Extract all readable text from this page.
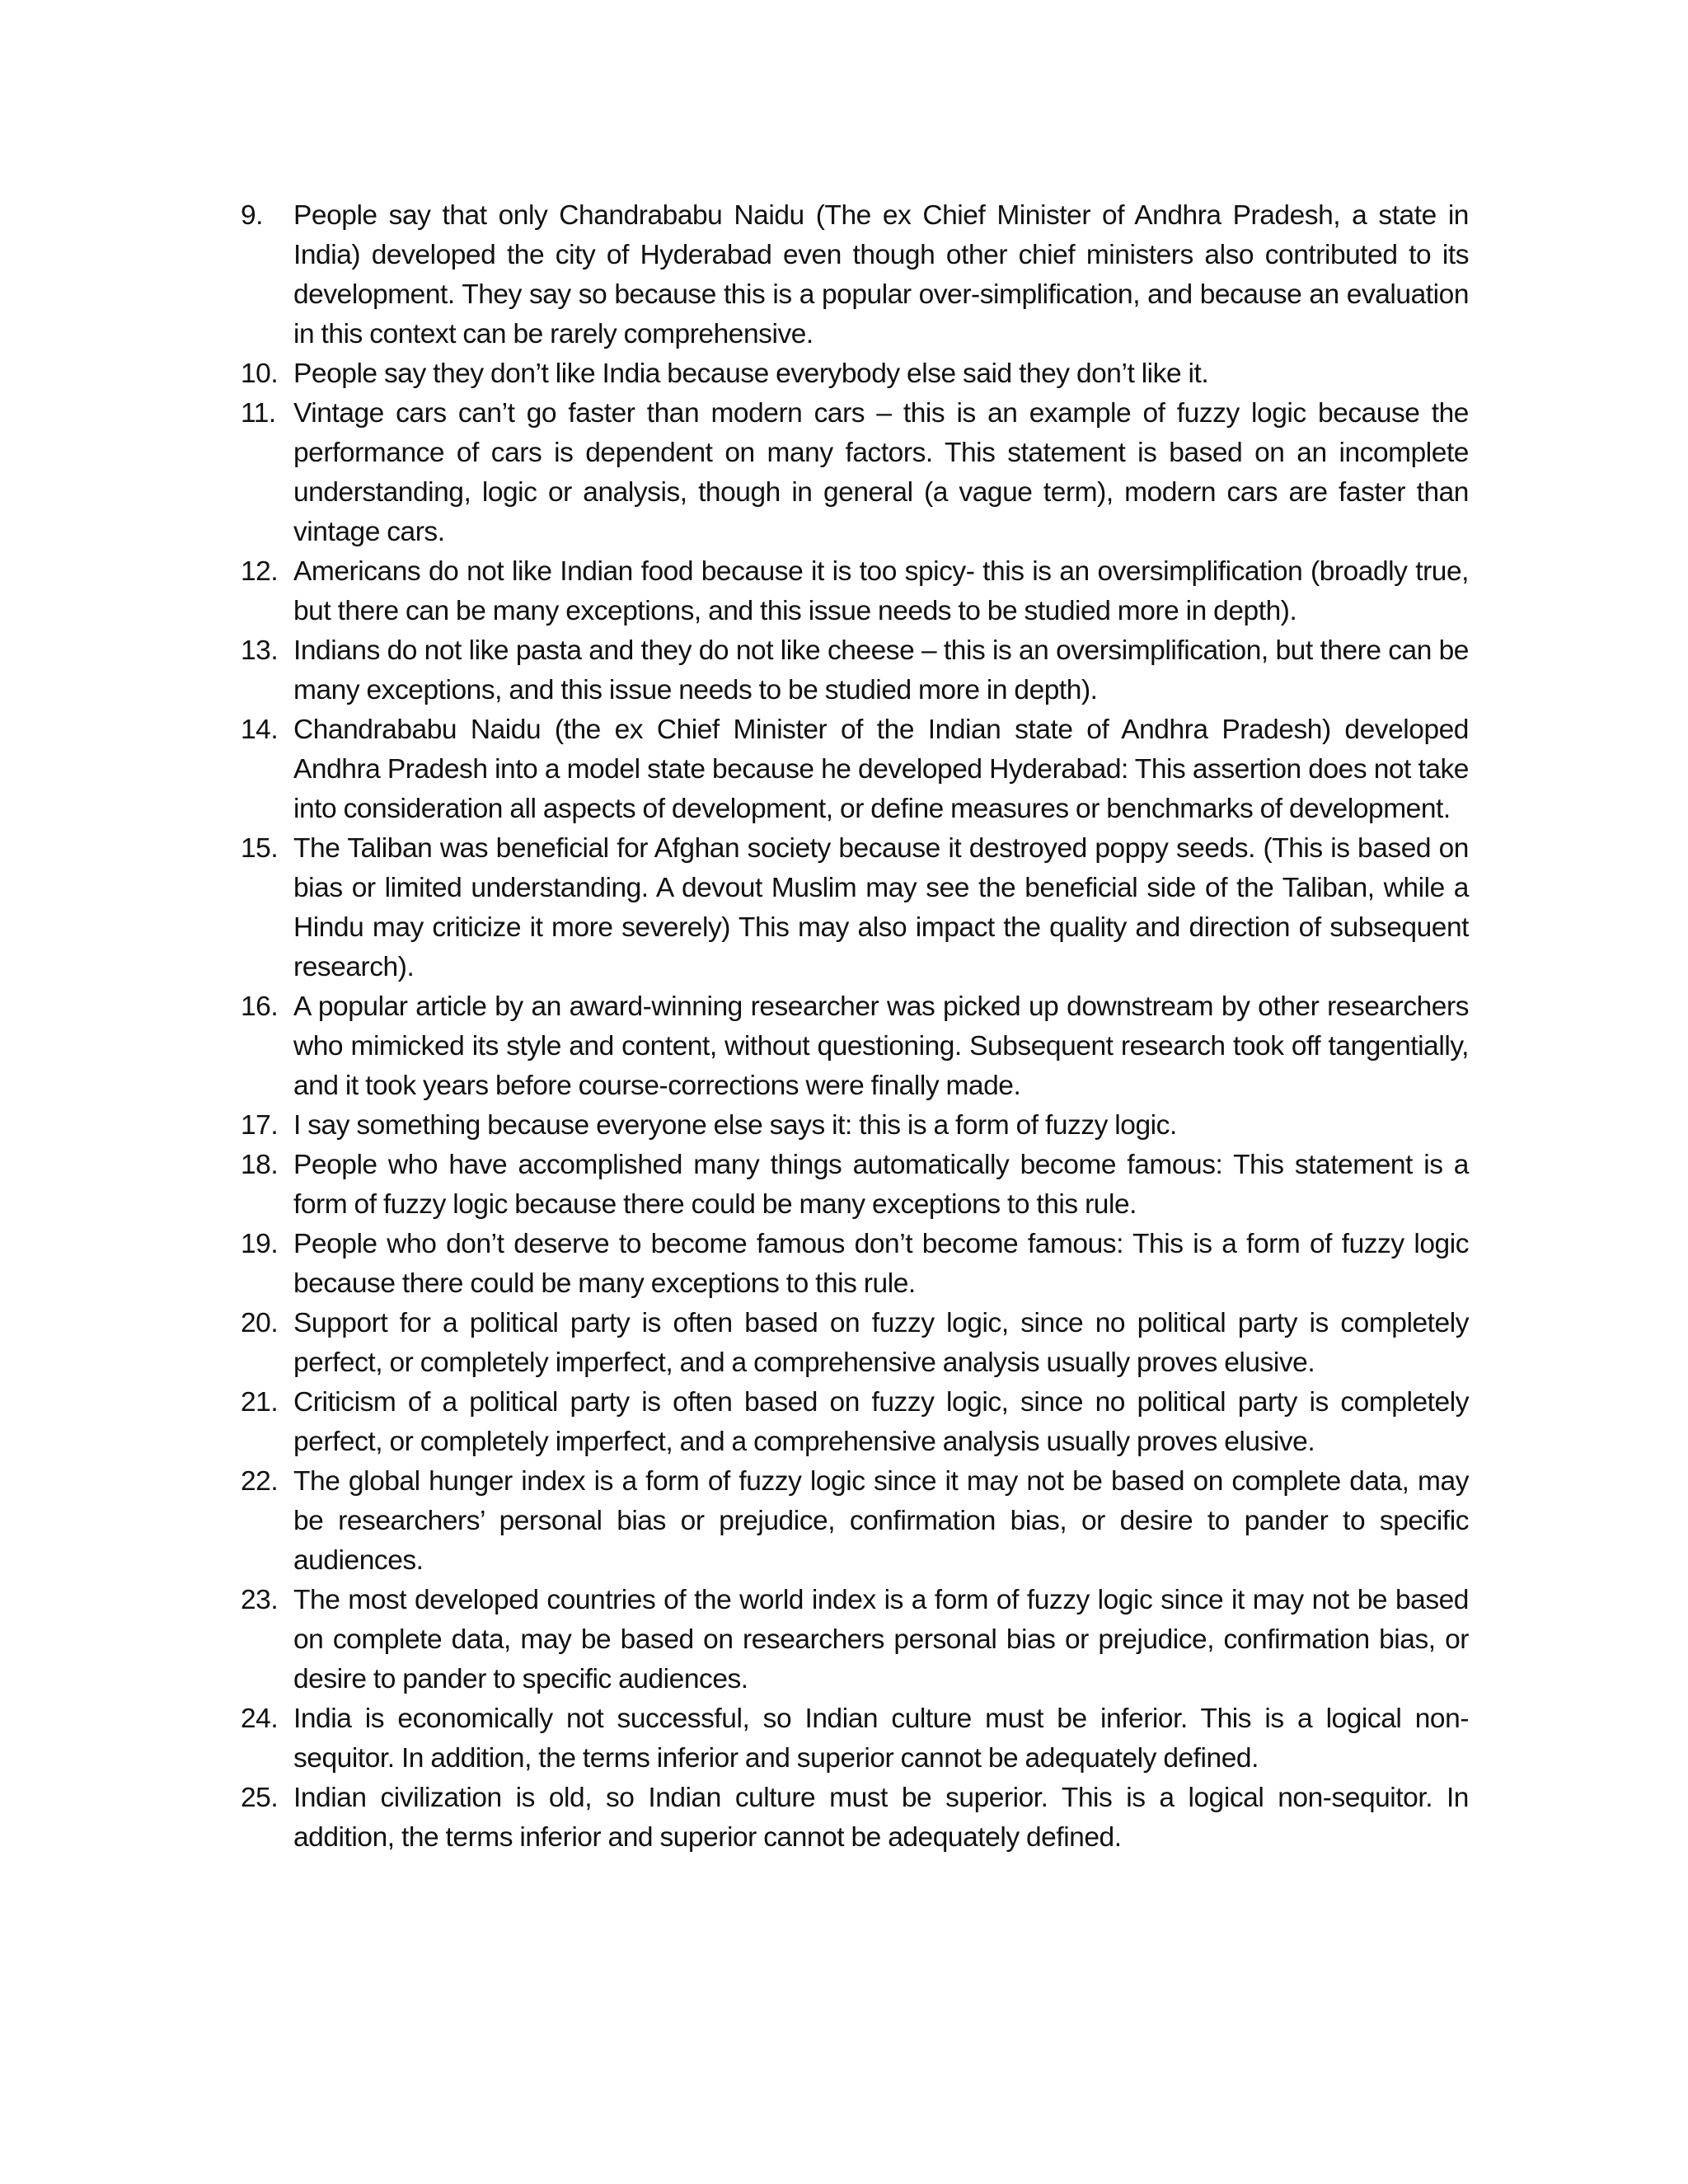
9.	People say that only Chandrababu Naidu (The ex Chief Minister of Andhra Pradesh, a state in India) developed the city of Hyderabad even though other chief ministers also contributed to its development. They say so because this is a popular over-simplification, and because an evaluation in this context can be rarely comprehensive.
10. People say they don’t like India because everybody else said they don’t like it.
11. Vintage cars can’t go faster than modern cars – this is an example of fuzzy logic because the performance of cars is dependent on many factors. This statement is based on an incomplete understanding, logic or analysis, though in general (a vague term), modern cars are faster than vintage cars.
12. Americans do not like Indian food because it is too spicy- this is an oversimplification (broadly true, but there can be many exceptions, and this issue needs to be studied more in depth).
13. Indians do not like pasta and they do not like cheese – this is an oversimplification, but there can be many exceptions, and this issue needs to be studied more in depth).
14. Chandrababu Naidu (the ex Chief Minister of the Indian state of Andhra Pradesh) developed Andhra Pradesh into a model state because he developed Hyderabad: This assertion does not take into consideration all aspects of development, or define measures or benchmarks of development.
15. The Taliban was beneficial for Afghan society because it destroyed poppy seeds. (This is based on bias or limited understanding. A devout Muslim may see the beneficial side of the Taliban, while a Hindu may criticize it more severely) This may also impact the quality and direction of subsequent research).
16. A popular article by an award-winning researcher was picked up downstream by other researchers who mimicked its style and content, without questioning. Subsequent research took off tangentially, and it took years before course-corrections were finally made.
17. I say something because everyone else says it: this is a form of fuzzy logic.
18. People who have accomplished many things automatically become famous: This statement is a form of fuzzy logic because there could be many exceptions to this rule.
19. People who don’t deserve to become famous don’t become famous: This is a form of fuzzy logic because there could be many exceptions to this rule.
20. Support for a political party is often based on fuzzy logic, since no political party is completely perfect, or completely imperfect, and a comprehensive analysis usually proves elusive.
21. Criticism of a political party is often based on fuzzy logic, since no political party is completely perfect, or completely imperfect, and a comprehensive analysis usually proves elusive.
22. The global hunger index is a form of fuzzy logic since it may not be based on complete data, may be researchers’ personal bias or prejudice, confirmation bias, or desire to pander to specific audiences.
23. The most developed countries of the world index is a form of fuzzy logic since it may not be based on complete data, may be based on researchers personal bias or prejudice, confirmation bias, or desire to pander to specific audiences.
24. India is economically not successful, so Indian culture must be inferior. This is a logical non-sequitor. In addition, the terms inferior and superior cannot be adequately defined.
25. Indian civilization is old, so Indian culture must be superior. This is a logical non-sequitor. In addition, the terms inferior and superior cannot be adequately defined.
